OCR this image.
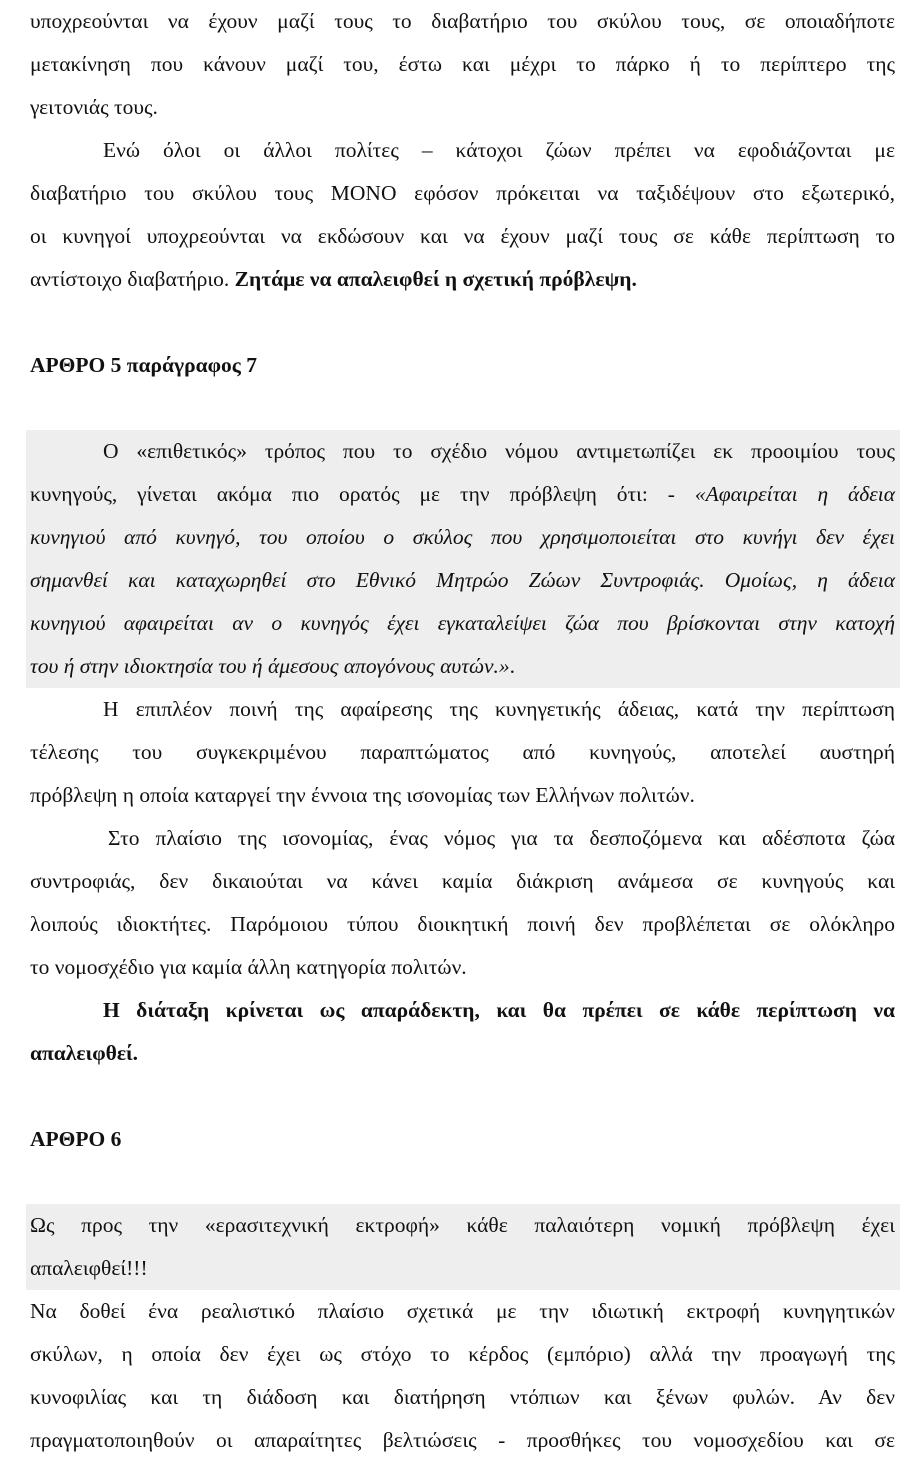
υποχρεούνται να έχουν μαζί τους το διαβατήριο του σκύλου τους, σε οποιαδήποτε
μετακίνηση που κάνουν μαζί του, έστω και μέχρι το πάρκο ή το περίπτερο της
γειτονιάς τους.
Ενώ όλοι οι άλλοι πολίτες – κάτοχοι ζώων πρέπει να εφοδιάζονται με
διαβατήριο του σκύλου τους ΜΟΝΟ εφόσον πρόκειται να ταξιδέψουν στο εξωτερικό,
οι κυνηγοί υποχρεούνται να εκδώσουν και να έχουν μαζί τους σε κάθε περίπτωση το
αντίστοιχο διαβατήριο. Ζητάμε να απαλειφθεί η σχετική πρόβλεψη.
ΑΡΘΡΟ 5 παράγραφος 7
Ο «επιθετικός» τρόπος που το σχέδιο νόμου αντιμετωπίζει εκ προοιμίου τους
κυνηγούς, γίνεται ακόμα πιο ορατός με την πρόβλεψη ότι: - «Αφαιρείται η άδεια
κυνηγιού από κυνηγό, του οποίου ο σκύλος που χρησιμοποιείται στο κυνήγι δεν έχει
σημανθεί και καταχωρηθεί στο Εθνικό Μητρώο Ζώων Συντροφιάς. Ομοίως, η άδεια
κυνηγιού αφαιρείται αν ο κυνηγός έχει εγκαταλείψει ζώα που βρίσκονται στην κατοχή
του ή στην ιδιοκτησία του ή άμεσους απογόνους αυτών.».
Η επιπλέον ποινή της αφαίρεσης της κυνηγετικής άδειας, κατά την περίπτωση
τέλεσης του συγκεκριμένου παραπτώματος από κυνηγούς, αποτελεί αυστηρή
πρόβλεψη η οποία καταργεί την έννοια της ισονομίας των Ελλήνων πολιτών.
Στο πλαίσιο της ισονομίας, ένας νόμος για τα δεσποζόμενα και αδέσποτα ζώα
συντροφιάς, δεν δικαιούται να κάνει καμία διάκριση ανάμεσα σε κυνηγούς και
λοιπούς ιδιοκτήτες. Παρόμοιου τύπου διοικητική ποινή δεν προβλέπεται σε ολόκληρο
το νομοσχέδιο για καμία άλλη κατηγορία πολιτών.
Η διάταξη κρίνεται ως απαράδεκτη, και θα πρέπει σε κάθε περίπτωση να
απαλειφθεί.
ΑΡΘΡΟ 6
Ως προς την «ερασιτεχνική εκτροφή» κάθε παλαιότερη νομική πρόβλεψη έχει
απαλειφθεί!!!
Να δοθεί ένα ρεαλιστικό πλαίσιο σχετικά με την ιδιωτική εκτροφή κυνηγητικών
σκύλων, η οποία δεν έχει ως στόχο το κέρδος (εμπόριο) αλλά την προαγωγή της
κυνοφιλίας και τη διάδοση και διατήρηση ντόπιων και ξένων φυλών. Αν δεν
πραγματοποιηθούν οι απαραίτητες βελτιώσεις - προσθήκες του νομοσχεδίου και σε
